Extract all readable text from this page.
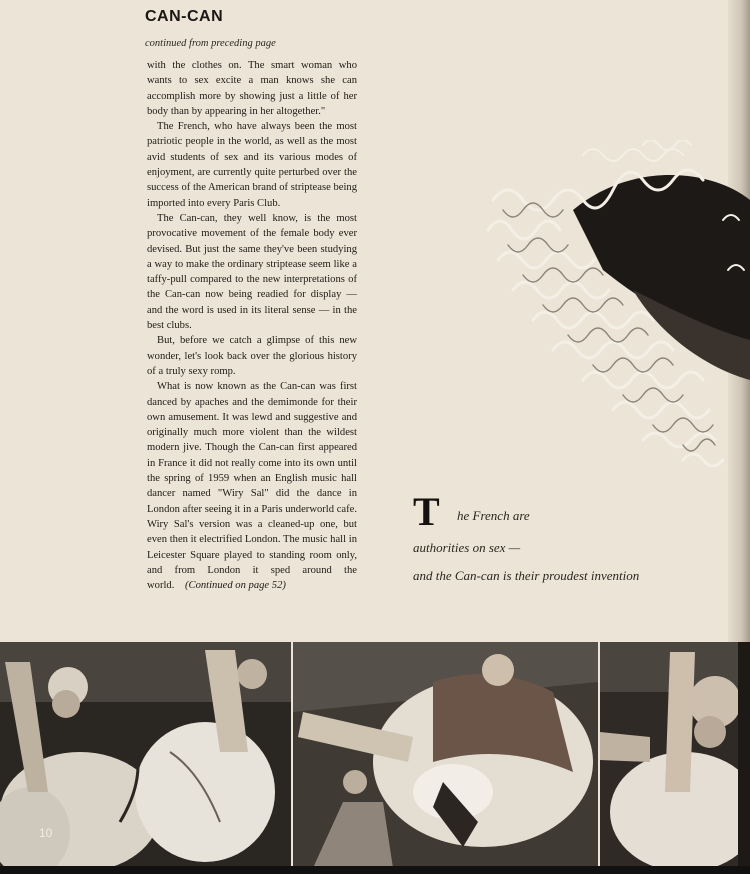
CAN-CAN
continued from preceding page

with the clothes on. The smart woman who wants to sex excite a man knows she can accomplish more by showing just a little of her body than by appearing in her altogether."

The French, who have always been the most patriotic people in the world, as well as the most avid students of sex and its various modes of enjoyment, are currently quite perturbed over the success of the American brand of striptease being imported into every Paris Club.

The Can-can, they well know, is the most provocative movement of the female body ever devised. But just the same they've been studying a way to make the ordinary striptease seem like a taffy-pull compared to the new interpretations of the Can-can now being readied for display — and the word is used in its literal sense — in the best clubs.

But, before we catch a glimpse of this new wonder, let's look back over the glorious history of a truly sexy romp.

What is now known as the Can-can was first danced by apaches and the demimonde for their own amusement. It was lewd and suggestive and originally much more violent than the wildest modern jive. Though the Can-can first appeared in France it did not really come into its own until the spring of 1959 when an English music hall dancer named "Wiry Sal" did the dance in London after seeing it in a Paris underworld cafe. Wiry Sal's version was a cleaned-up one, but even then it electrified London. The music hall in Leicester Square played to standing room only, and from London it sped around the world. (Continued on page 52)

T he French are
authorities on sex —
and the Can-can is their proudest invention
10
